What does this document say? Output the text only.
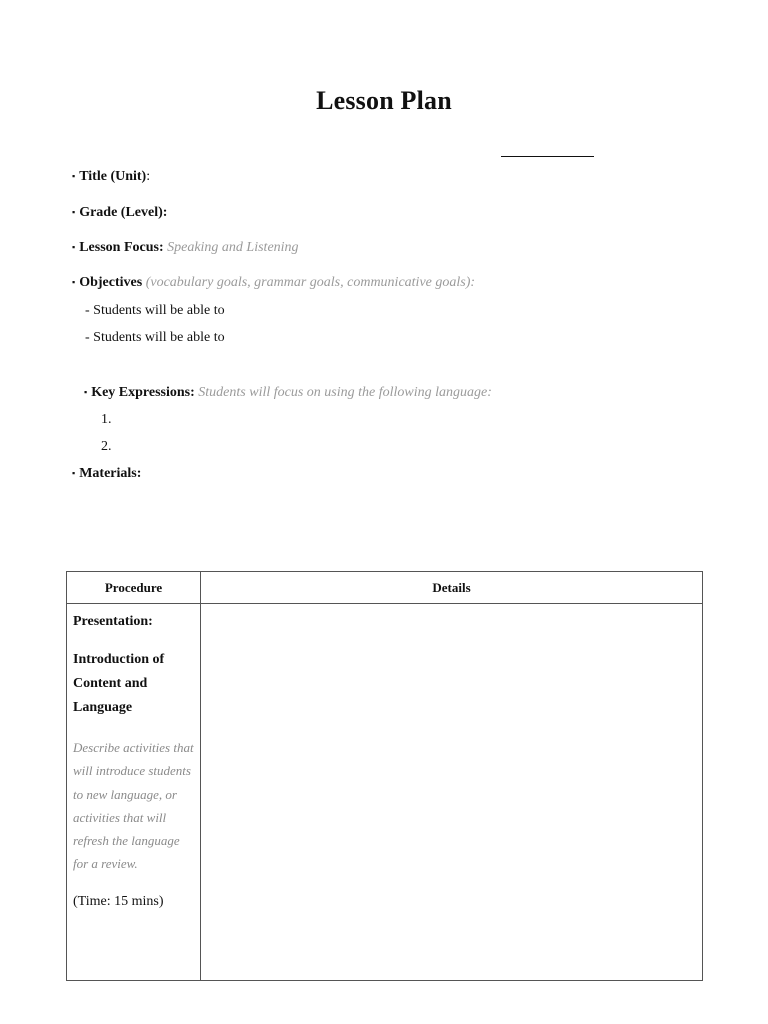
Lesson Plan
▪ Title (Unit):
▪ Grade (Level):
▪ Lesson Focus: Speaking and Listening
▪ Objectives (vocabulary goals, grammar goals, communicative goals):
- Students will be able to
- Students will be able to
▪ Key Expressions: Students will focus on using the following language:
1.
2.
▪ Materials:
Procedure	Details

Presentation:
Introduction of Content and Language
Describe activities that will introduce students to new language, or activities that will refresh the language for a review.
(Time: 15 mins)	
